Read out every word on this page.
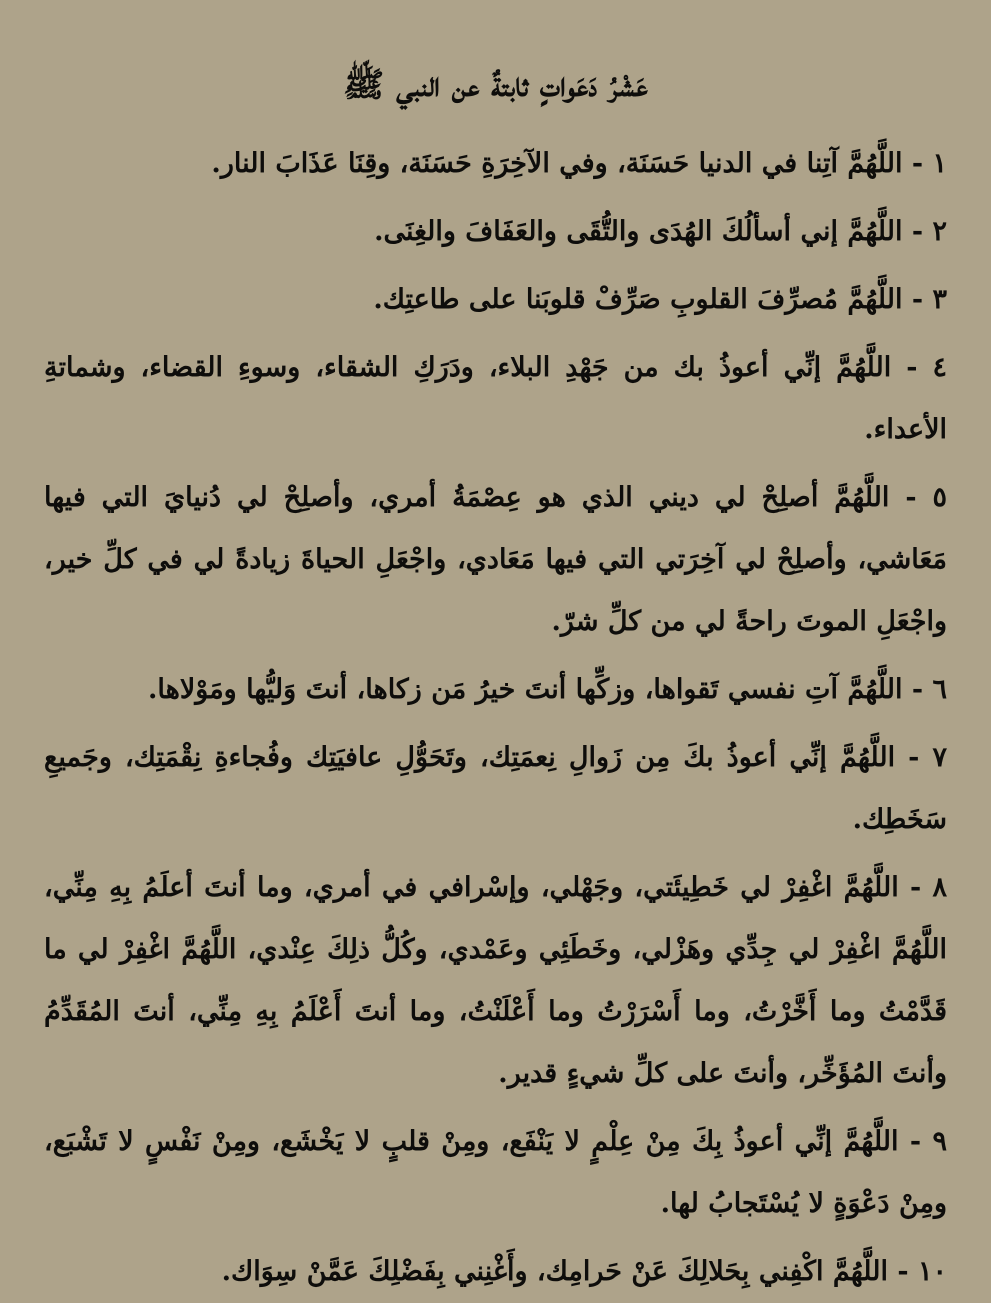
عَشْرُ دَعَواتٍ ثابتةٌ عن النبي ﷺ
١ - اللَّهُمَّ آتِنا في الدنيا حَسَنَة، وفي الآخِرَةِ حَسَنَة، وقِنَا عَذَابَ النار.
٢ - اللَّهُمَّ إني أسألُكَ الهُدَى والتُّقَى والعَفَافَ والغِنَى.
٣ - اللَّهُمَّ مُصرِّفَ القلوبِ صَرِّفْ قلوبَنا على طاعتِك.
٤ - اللَّهُمَّ إنِّي أعوذُ بك من جَهْدِ البلاء، ودَرَكِ الشقاء، وسوءِ القضاء، وشماتةِ الأعداء.
٥ - اللَّهُمَّ أصلِحْ لي ديني الذي هو عِصْمَةُ أمري، وأصلِحْ لي دُنيايَ التي فيها مَعَاشي، وأصلِحْ لي آخِرَتي التي فيها مَعَادي، واجْعَلِ الحياةَ زيادةً لي في كلِّ خير، واجْعَلِ الموتَ راحةً لي من كلِّ شرّ.
٦ - اللَّهُمَّ آتِ نفسي تَقواها، وزكِّها أنتَ خيرُ مَن زكاها، أنتَ وَليُّها ومَوْلاها.
٧ - اللَّهُمَّ إنِّي أعوذُ بكَ مِن زَوالِ نِعمَتِك، وتَحَوُّلِ عافيَتِك وفُجاءةِ نِقْمَتِك، وجَميعِ سَخَطِك.
٨ - اللَّهُمَّ اغْفِرْ لي خَطِيئَتي، وجَهْلي، وإسْرافي في أمري، وما أنتَ أعلَمُ بِهِ مِنِّي، اللَّهُمَّ اغْفِرْ لي جِدِّي وهَزْلي، وخَطَئِي وعَمْدي، وكُلُّ ذلِكَ عِنْدي، اللَّهُمَّ اغْفِرْ لي ما قَدَّمْتُ وما أَخَّرْتُ، وما أَسْرَرْتُ وما أَعْلَنْتُ، وما أنتَ أَعْلَمُ بِهِ مِنِّي، أنتَ المُقَدِّمُ وأنتَ المُؤَخِّر، وأنتَ على كلِّ شيءٍ قدير.
٩ - اللَّهُمَّ إنِّي أعوذُ بِكَ مِنْ عِلْمٍ لا يَنْفَع، ومِنْ قلبٍ لا يَخْشَع، ومِنْ نَفْسٍ لا تَشْبَع، ومِنْ دَعْوَةٍ لا يُسْتَجابُ لها.
١٠ - اللَّهُمَّ اكْفِني بِحَلالِكَ عَنْ حَرامِك، وأَغْنِني بِفَضْلِكَ عَمَّنْ سِوَاك.
